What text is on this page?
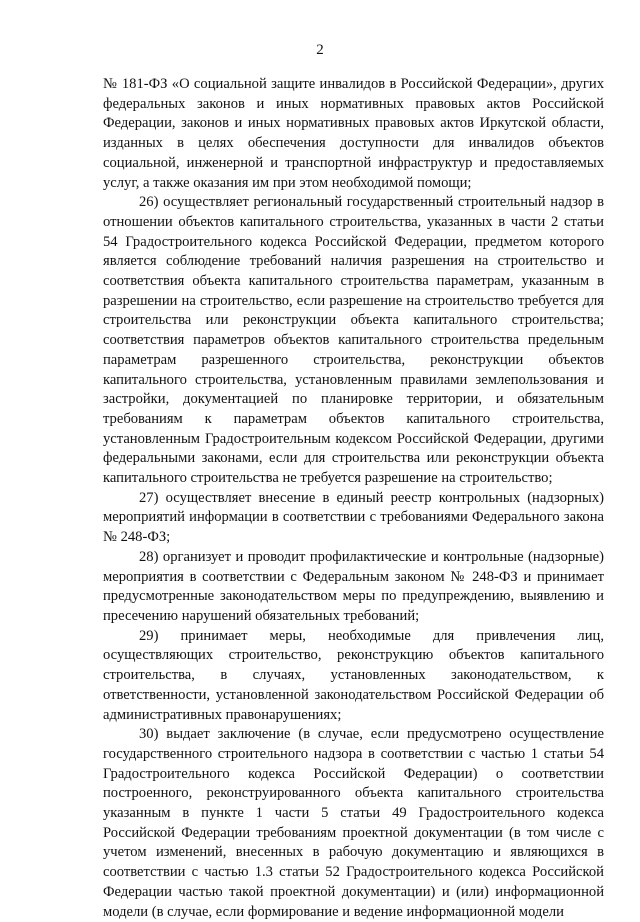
2

№ 181-ФЗ «О социальной защите инвалидов в Российской Федерации», других федеральных законов и иных нормативных правовых актов Российской Федерации, законов и иных нормативных правовых актов Иркутской области, изданных в целях обеспечения доступности для инвалидов объектов социальной, инженерной и транспортной инфраструктур и предоставляемых услуг, а также оказания им при этом необходимой помощи;

26) осуществляет региональный государственный строительный надзор в отношении объектов капитального строительства, указанных в части 2 статьи 54 Градостроительного кодекса Российской Федерации, предметом которого является соблюдение требований наличия разрешения на строительство и соответствия объекта капитального строительства параметрам, указанным в разрешении на строительство, если разрешение на строительство требуется для строительства или реконструкции объекта капитального строительства; соответствия параметров объектов капитального строительства предельным параметрам разрешенного строительства, реконструкции объектов капитального строительства, установленным правилами землепользования и застройки, документацией по планировке территории, и обязательным требованиям к параметрам объектов капитального строительства, установленным Градостроительным кодексом Российской Федерации, другими федеральными законами, если для строительства или реконструкции объекта капитального строительства не требуется разрешение на строительство;

27) осуществляет внесение в единый реестр контрольных (надзорных) мероприятий информации в соответствии с требованиями Федерального закона № 248-ФЗ;

28) организует и проводит профилактические и контрольные (надзорные) мероприятия в соответствии с Федеральным законом № 248-ФЗ и принимает предусмотренные законодательством меры по предупреждению, выявлению и пресечению нарушений обязательных требований;

29) принимает меры, необходимые для привлечения лиц, осуществляющих строительство, реконструкцию объектов капитального строительства, в случаях, установленных законодательством, к ответственности, установленной законодательством Российской Федерации об административных правонарушениях;

30) выдает заключение (в случае, если предусмотрено осуществление государственного строительного надзора в соответствии с частью 1 статьи 54 Градостроительного кодекса Российской Федерации) о соответствии построенного, реконструированного объекта капитального строительства указанным в пункте 1 части 5 статьи 49 Градостроительного кодекса Российской Федерации требованиям проектной документации (в том числе с учетом изменений, внесенных в рабочую документацию и являющихся в соответствии с частью 1.3 статьи 52 Градостроительного кодекса Российской Федерации частью такой проектной документации) и (или) информационной модели (в случае, если формирование и ведение информационной модели
